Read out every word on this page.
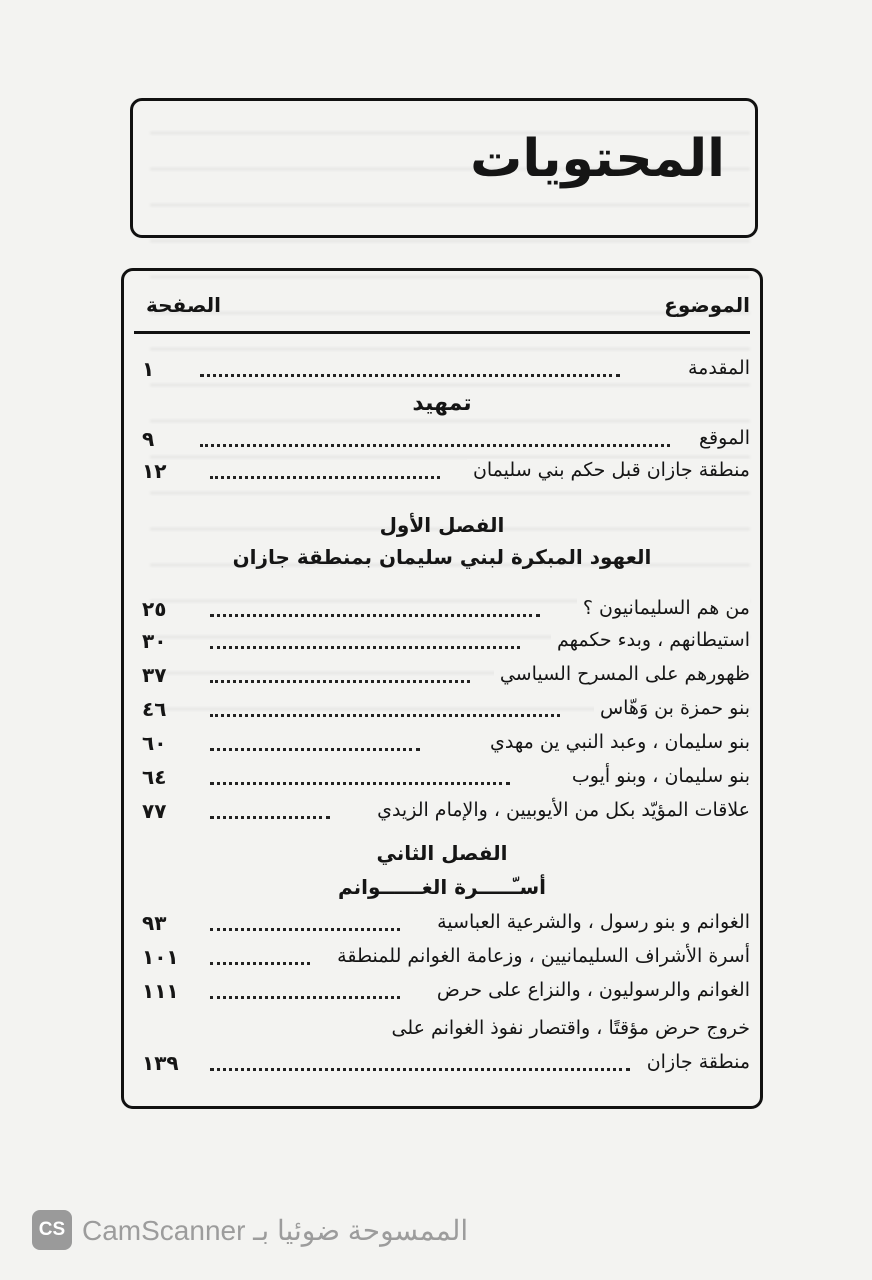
المحتويات
الموضوع
الصفحة
المقدمة
١
تمهيد
الموقع
٩
منطقة جازان قبل حكم بني سليمان
١٢
الفصل الأول
العهود المبكرة لبني سليمان بمنطقة جازان
من هم السليمانيون ؟
٢٥
استيطانهم ، وبدء حكمهم
٣٠
ظهورهم على المسرح السياسي
٣٧
بنو حمزة بن وَهّاس
٤٦
بنو سليمان ، وعبد النبي ين مهدي
٦٠
بنو سليمان ، وبنو أيوب
٦٤
علاقات المؤيّد بكل من الأيوبيين ، والإمام الزيدي
٧٧
الفصل الثاني
أسـّـــــرة الغــــــوانم
الغوانم و بنو رسول ، والشرعية العباسية
٩٣
أسرة الأشراف السليمانيين ، وزعامة الغوانم للمنطقة
١٠١
الغوانم والرسوليون ، والنزاع على حرض
١١١
خروج حرض مؤقتًا ، واقتصار نفوذ الغوانم على
منطقة جازان
١٣٩
CS الممسوحة ضوئيا بـ CamScanner
